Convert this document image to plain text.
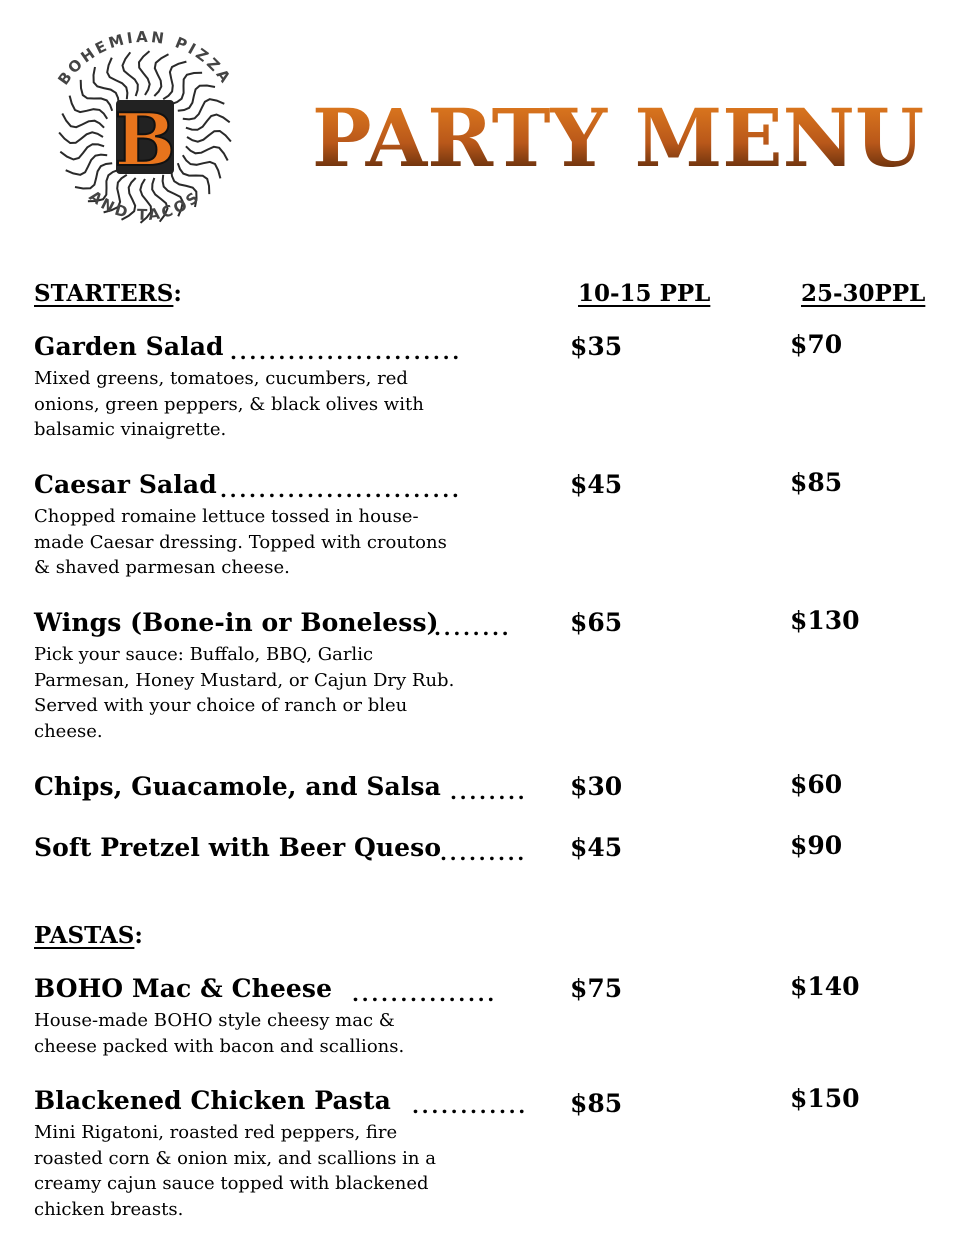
BOHEMIAN PIZZA
AND TACOS
B PARTY MENU
STARTERS:	10-15 PPL	25-30PPL
Garden Salad ........................	$35	$70
Mixed greens, tomatoes, cucumbers, red
onions, green peppers, & black olives with
balsamic vinaigrette.
Caesar Salad .........................	$45	$85
Chopped romaine lettuce tossed in house-
made Caesar dressing. Topped with croutons
& shaved parmesan cheese.
Wings (Bone-in or Boneless)
........	$65	$130
Pick your sauce: Buffalo, BBQ, Garlic
Parmesan, Honey Mustard, or Cajun Dry Rub.
Served with your choice of ranch or bleu
cheese.
Chips, Guacamole, and Salsa ........	$30	$60
Soft Pretzel with Beer Queso
.........	$45	$90
PASTAS:
BOHO Mac & Cheese ...............	$75	$140
House-made BOHO style cheesy mac &
cheese packed with bacon and scallions.
Blackened Chicken Pasta ............	$85	$150
Mini Rigatoni, roasted red peppers, fire
roasted corn & onion mix, and scallions in a
creamy cajun sauce topped with blackened
chicken breasts.
